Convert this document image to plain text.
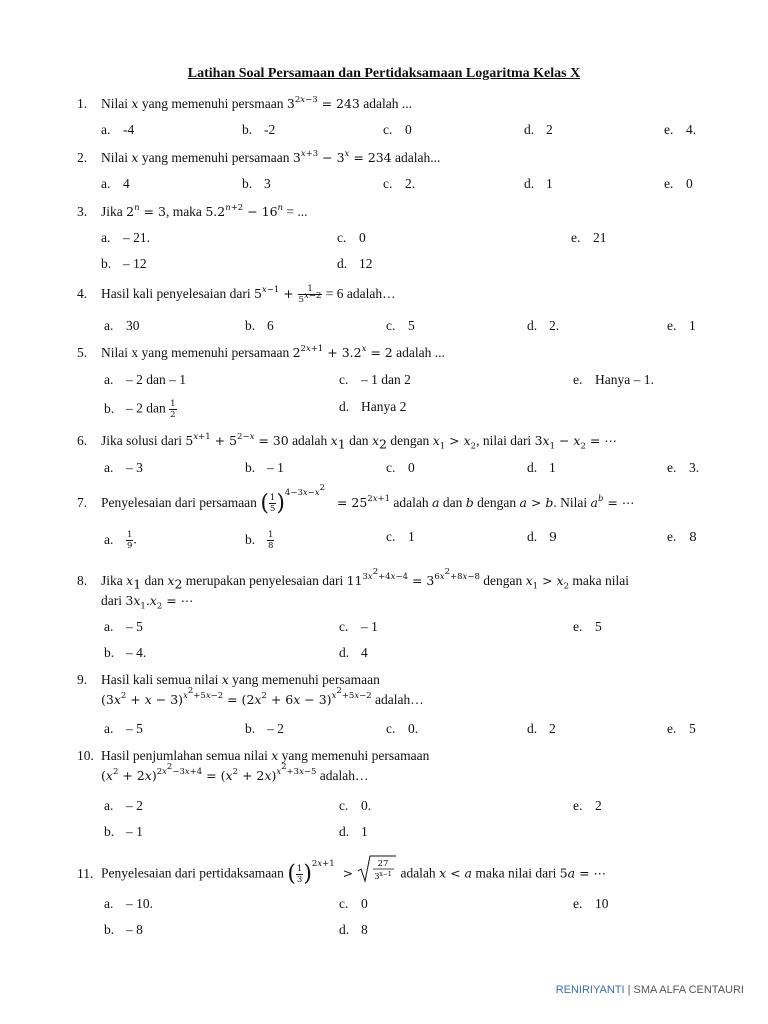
Latihan Soal Persamaan dan Pertidaksamaan Logaritma Kelas X
1. Nilai x yang memenuhi persmaan $3^{2x-3} = 243$ adalah ...
a. -4	b. -2	c. 0	d. 2	e. 4.
2. Nilai x yang memenuhi persamaan $3^{x+3} - 3^x = 234$ adalah...
a. 4	b. 3	c. 2.	d. 1	e. 0
3. Jika $2^n = 3$, maka $5.2^{n+2} - 16^n$ = ...
a. – 21.	c. 0	e. 21
b. – 12	d. 12
4. Hasil kali penyelesaian dari $5^{x-1} + \frac{1}{5^{x-2}} = 6$ adalah…
a. 30	b. 6	c. 5	d. 2.	e. 1
5. Nilai x yang memenuhi persamaan $2^{2x+1} + 3.2^x = 2$ adalah ...
a. – 2 dan – 1	c. – 1 dan 2	e. Hanya – 1.
b. – 2 dan $\frac{1}{2}$	d. Hanya 2
6. Jika solusi dari $5^{x+1} + 5^{2-x} = 30$ adalah $x_1$ dan $x_2$ dengan $x_1 > x_2$, nilai dari $3x_1 - x_2$ = ⋯
a. – 3	b. – 1	c. 0	d. 1	e. 3.
7. Penyelesaian dari persamaan ( $\frac{1}{5} )^{4-3x-x^2} = 25^{2x+1}$ adalah a dan b dengan a > b. Nilai $a^b$ = ⋯
a. $\frac{1}{9}$ .	b. $\frac{1}{8}$	c. 1	d. 9	e. 8
8. Jika $x_1$ dan $x_2$ merupakan penyelesaian dari $11^{3x^2+4x-4} = 3^{6x^2+8x-8}$ dengan $x_1 > x_2$ maka nilai
dari $3x_1.x_2$ = ⋯
a. – 5	c. – 1	e. 5
b. – 4.	d. 4
9. Hasil kali semua nilai x yang memenuhi persamaan
$(3x^2 + x - 3)^{x^2+5x-2} = (2x^2 + 6x - 3)^{x^2+5x-2}$ adalah…
a. – 5	b. – 2	c. 0.	d. 2	e. 5
10. Hasil penjumlahan semua nilai x yang memenuhi persamaan
$(x^2 + 2x)^{2x^2-3x+4} = (x^2 + 2x)^{x^2+3x-5}$ adalah…
a. – 2	c. 0.	e. 2
b. – 1	d. 1
11. Penyelesaian dari pertidaksamaan ( $\frac{1}{3} )^{2x+1}$  >
27
$3^{x-1}$ adalah x < a maka nilai dari 5a = ⋯
a. – 10.	c. 0	e. 10
b. – 8	d. 8
RENIRIYANTI | SMA ALFA CENTAURI
